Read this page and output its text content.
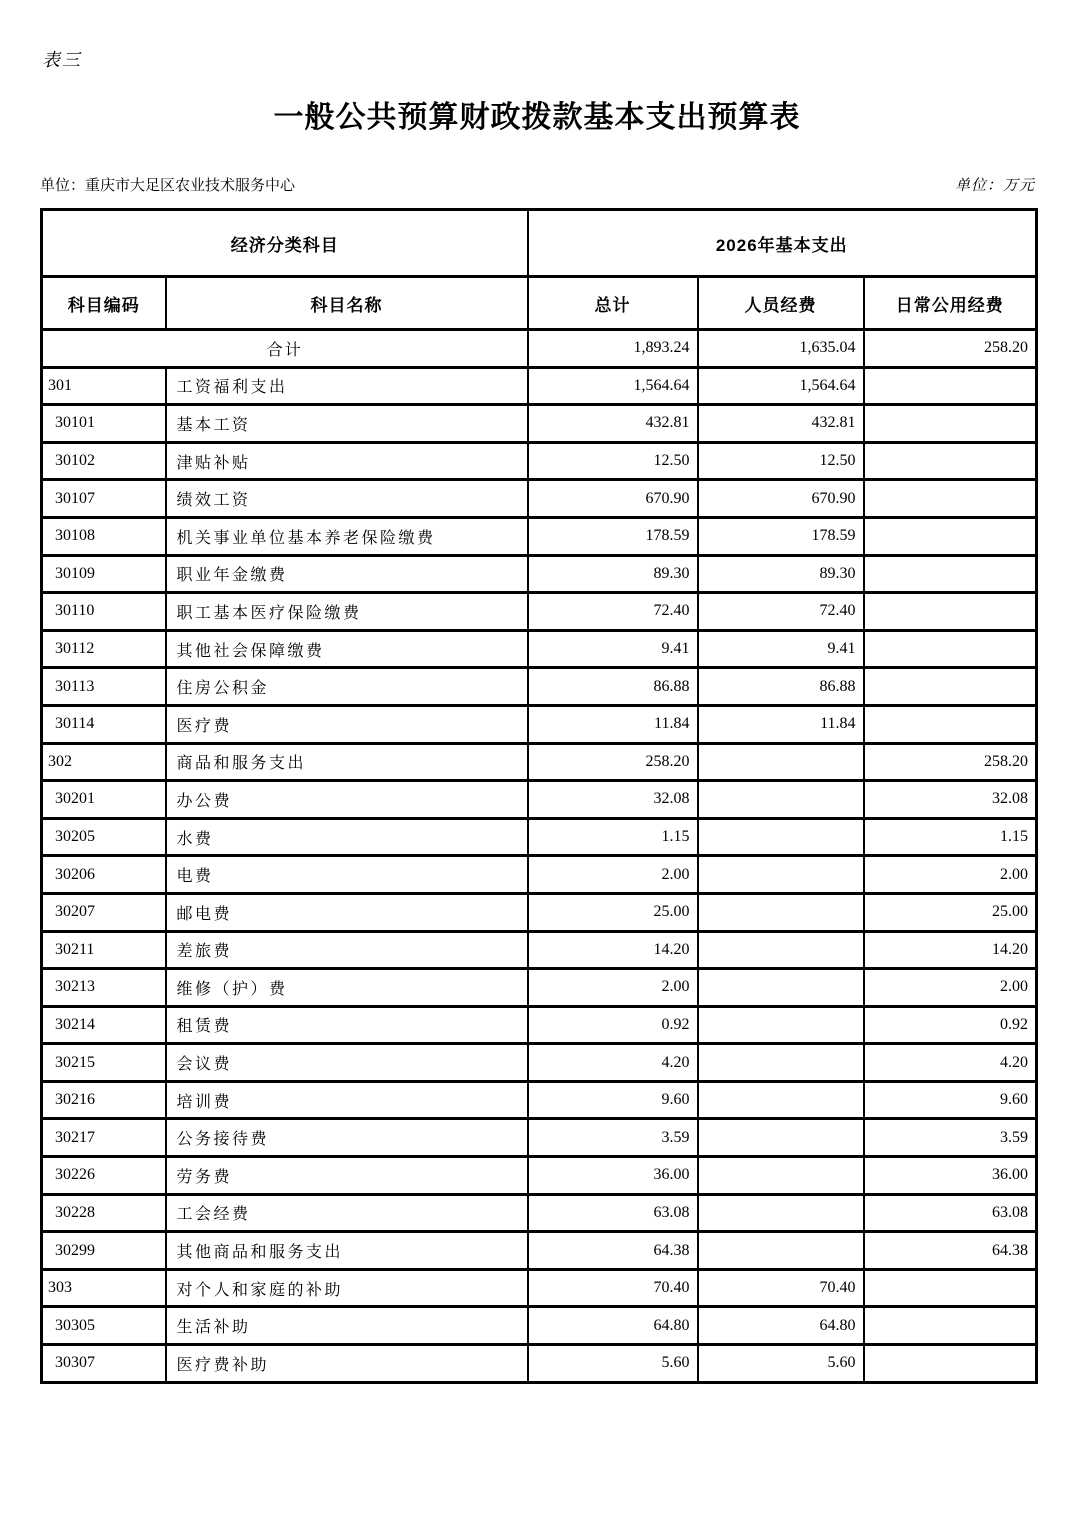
表三
一般公共预算财政拨款基本支出预算表
单位：重庆市大足区农业技术服务中心	单位：万元
经济分类科目		2026年基本支出		
科目编码	科目名称	总计	人员经费	日常公用经费
合计		1,893.24	1,635.04	258.20
301	工资福利支出	1,564.64	1,564.64	
30101	基本工资	432.81	432.81	
30102	津贴补贴	12.50	12.50	
30107	绩效工资	670.90	670.90	
30108	机关事业单位基本养老保险缴费	178.59	178.59	
30109	职业年金缴费	89.30	89.30	
30110	职工基本医疗保险缴费	72.40	72.40	
30112	其他社会保障缴费	9.41	9.41	
30113	住房公积金	86.88	86.88	
30114	医疗费	11.84	11.84	
302	商品和服务支出	258.20		258.20
30201	办公费	32.08		32.08
30205	水费	1.15		1.15
30206	电费	2.00		2.00
30207	邮电费	25.00		25.00
30211	差旅费	14.20		14.20
30213	维修（护）费	2.00		2.00
30214	租赁费	0.92		0.92
30215	会议费	4.20		4.20
30216	培训费	9.60		9.60
30217	公务接待费	3.59		3.59
30226	劳务费	36.00		36.00
30228	工会经费	63.08		63.08
30299	其他商品和服务支出	64.38		64.38
303	对个人和家庭的补助	70.40	70.40	
30305	生活补助	64.80	64.80	
30307	医疗费补助	5.60	5.60	
